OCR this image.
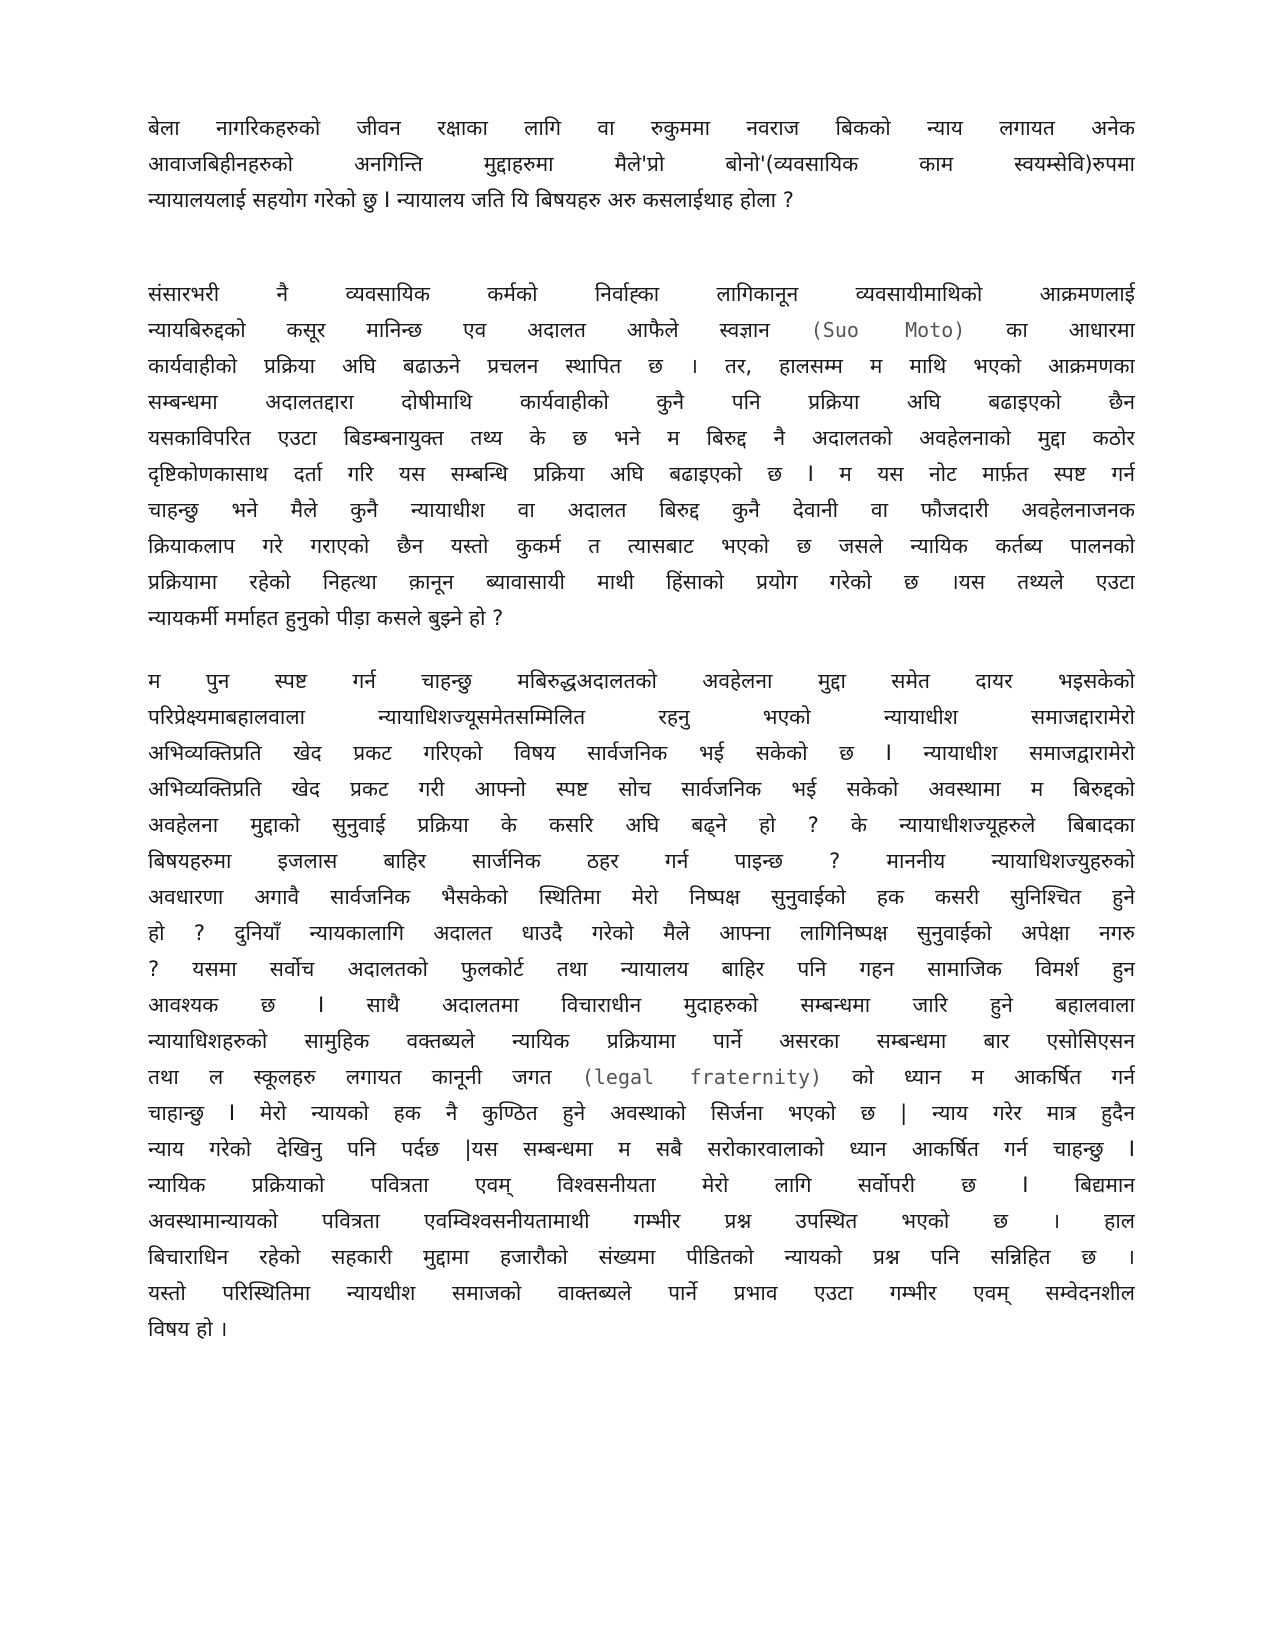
बेला नागरिकहरुको जीवन रक्षाका लागि वा रुकुममा नवराज बिकको न्याय लगायत अनेक
आवाजबिहीनहरुको अनगिन्ति मुद्दाहरुमा मैले'प्रो बोनो'(व्यवसायिक काम स्वयम्सेवि)रुपमा
न्यायालयलाई सहयोग गरेको छु I न्यायालय जति यि बिषयहरु अरु कसलाईथाह होला ?
संसारभरी नै व्यवसायिक कर्मको निर्वाह्का लागिकानून व्यवसायीमाथिको आक्रमणलाई
न्यायबिरुद्दको कसूर मानिन्छ एव अदालत आफैले स्वज्ञान (Suo Moto) का आधारमा
कार्यवाहीको प्रक्रिया अघि बढाऊने प्रचलन स्थापित छ । तर, हालसम्म म माथि भएको आक्रमणका
सम्बन्धमा अदालतद्दारा दोषीमाथि कार्यवाहीको कुनै पनि प्रक्रिया अघि बढाइएको छैन
यसकाविपरित एउटा बिडम्बनायुक्त तथ्य के छ भने म बिरुद्द नै अदालतको अवहेलनाको मुद्दा कठोर
दृष्टिकोणकासाथ दर्ता गरि यस सम्बन्धि प्रक्रिया अघि बढाइएको छ I म यस नोट मार्फ़त स्पष्ट गर्न
चाहन्छु भने मैले कुनै न्यायाधीश वा अदालत बिरुद्द कुनै देवानी वा फौजदारी अवहेलनाजनक
क्रियाकलाप गरे गराएको छैन यस्तो कुकर्म त त्यासबाट भएको छ जसले न्यायिक कर्तब्य पालनको
प्रक्रियामा रहेको निहत्था क़ानून ब्यावासायी माथी हिंसाको प्रयोग गरेको छ ।यस तथ्यले एउटा
न्यायकर्मी मर्माहत हुनुको पीड़ा कसले बुझ्ने हो ?
म पुन स्पष्ट गर्न चाहन्छु मबिरुद्धअदालतको अवहेलना मुद्दा समेत दायर भइसकेको
परिप्रेक्ष्यमाबहालवाला न्यायाधिशज्यूसमेतसम्मिलित रहनु भएको न्यायाधीश समाजद्दारामेरो
अभिव्यक्तिप्रति खेद प्रकट गरिएको विषय सार्वजनिक भई सकेको छ I न्यायाधीश समाजद्वारामेरो
अभिव्यक्तिप्रति खेद प्रकट गरी आफ्नो स्पष्ट सोच सार्वजनिक भई सकेको अवस्थामा म बिरुद्दको
अवहेलना मुद्दाको सुनुवाई प्रक्रिया के कसरि अघि बढ्ने हो ? के न्यायाधीशज्यूहरुले बिबादका
बिषयहरुमा इजलास बाहिर सार्जनिक ठहर गर्न पाइन्छ ? माननीय न्यायाधिशज्युहरुको
अवधारणा अगावै सार्वजनिक भैसकेको स्थितिमा मेरो निष्पक्ष सुनुवाईको हक कसरी सुनिश्चित हुने
हो ? दुनियाँ न्यायकालागि अदालत धाउदै गरेको मैले आफ्ना लागिनिष्पक्ष सुनुवाईको अपेक्षा नगरु
? यसमा सर्वोच अदालतको फुलकोर्ट तथा न्यायालय बाहिर पनि गहन सामाजिक विमर्श हुन
आवश्यक छ I साथै अदालतमा विचाराधीन मुदाहरुको सम्बन्धमा जारि हुने बहालवाला
न्यायाधिशहरुको सामुहिक वक्तब्यले न्यायिक प्रक्रियामा पार्ने असरका सम्बन्धमा बार एसोसिएसन
तथा ल स्कूलहरु लगायत कानूनी जगत (legal fraternity) को ध्यान म आकर्षित गर्न
चाहान्छु I मेरो न्यायको हक नै कुण्ठित हुने अवस्थाको सिर्जना भएको छ | न्याय गरेर मात्र हुदैन
न्याय गरेको देखिनु पनि पर्दछ |यस सम्बन्धमा म सबै सरोकारवालाको ध्यान आकर्षित गर्न चाहन्छु I
न्यायिक प्रक्रियाको पवित्रता एवम् विश्वसनीयता मेरो लागि सर्वोपरी छ I बिद्यमान
अवस्थामान्यायको पवित्रता एवम्विश्वसनीयतामाथी गम्भीर प्रश्न उपस्थित भएको छ । हाल
बिचाराधिन रहेको सहकारी मुद्दामा हजारौको संख्यमा पीडितको न्यायको प्रश्न पनि सन्निहित छ ।
यस्तो परिस्थितिमा न्यायधीश समाजको वाक्तब्यले पार्ने प्रभाव एउटा गम्भीर एवम् सम्वेदनशील
विषय हो ।
